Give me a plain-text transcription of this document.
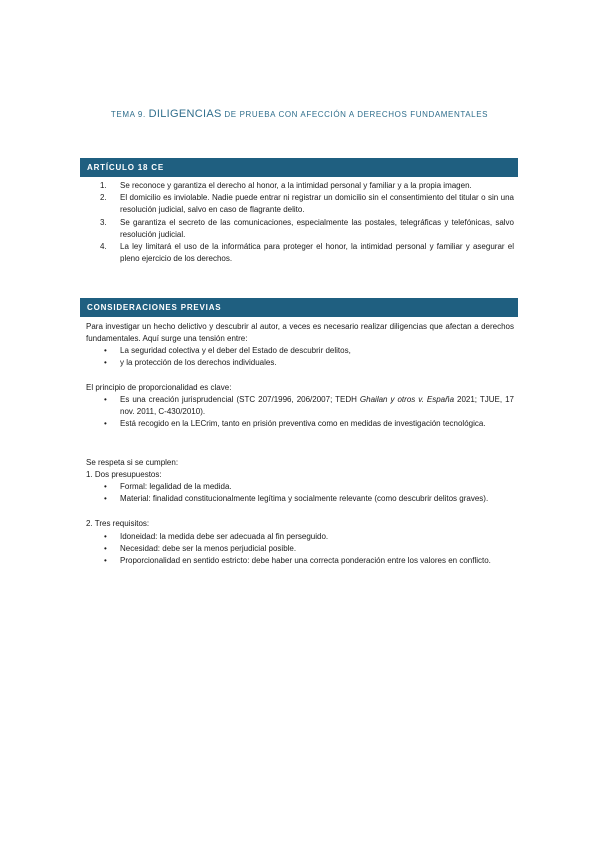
TEMA 9. DILIGENCIAS DE PRUEBA CON AFECCIÓN A DERECHOS FUNDAMENTALES
ARTÍCULO 18 CE
1. Se reconoce y garantiza el derecho al honor, a la intimidad personal y familiar y a la propia imagen.
2. El domicilio es inviolable. Nadie puede entrar ni registrar un domicilio sin el consentimiento del titular o sin una resolución judicial, salvo en caso de flagrante delito.
3. Se garantiza el secreto de las comunicaciones, especialmente las postales, telegráficas y telefónicas, salvo resolución judicial.
4. La ley limitará el uso de la informática para proteger el honor, la intimidad personal y familiar y asegurar el pleno ejercicio de los derechos.
CONSIDERACIONES PREVIAS
Para investigar un hecho delictivo y descubrir al autor, a veces es necesario realizar diligencias que afectan a derechos fundamentales. Aquí surge una tensión entre:
• La seguridad colectiva y el deber del Estado de descubrir delitos,
• y la protección de los derechos individuales.
El principio de proporcionalidad es clave:
• Es una creación jurisprudencial (STC 207/1996, 206/2007; TEDH Ghailan y otros v. España 2021; TJUE, 17 nov. 2011, C-430/2010).
• Está recogido en la LECrim, tanto en prisión preventiva como en medidas de investigación tecnológica.
Se respeta si se cumplen:
1. Dos presupuestos:
• Formal: legalidad de la medida.
• Material: finalidad constitucionalmente legítima y socialmente relevante (como descubrir delitos graves).
2. Tres requisitos:
• Idoneidad: la medida debe ser adecuada al fin perseguido.
• Necesidad: debe ser la menos perjudicial posible.
• Proporcionalidad en sentido estricto: debe haber una correcta ponderación entre los valores en conflicto.
